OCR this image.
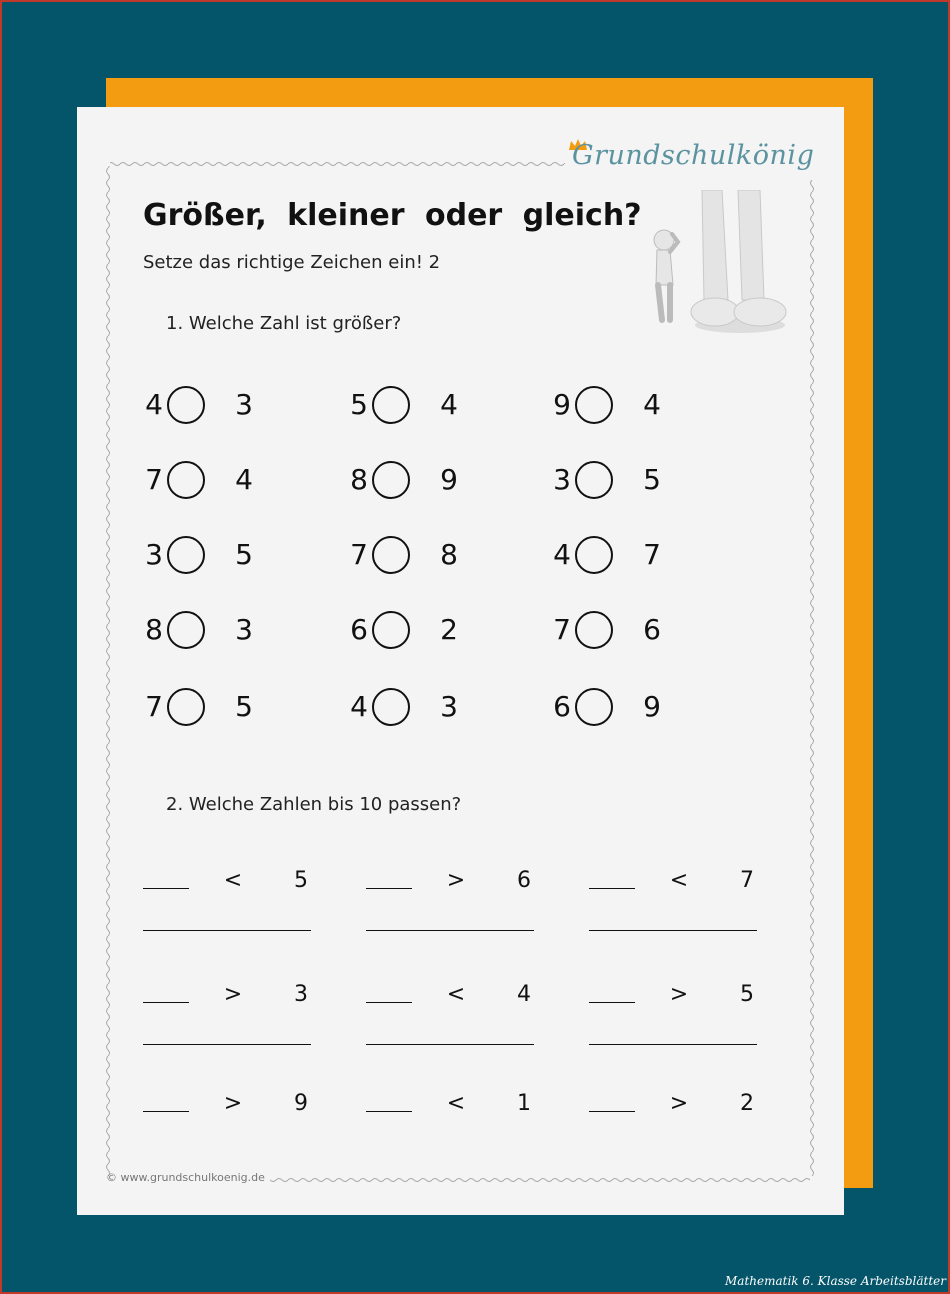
Grundschulkönig
Größer, kleiner oder gleich?
Setze das richtige Zeichen ein! 2
1. Welche Zahl ist größer?
4	3	5	4	9	4
7	4	8	9	3	5
3	5	7	8	4	7
8	3	6	2	7	6
7	5	4	3	6	9
2. Welche Zahlen bis 10 passen?
< 5	> 6	< 7
> 3	< 4	> 5
> 9	< 1	> 2
© www.grundschulkoenig.de
Mathematik 6. Klasse Arbeitsblätter
